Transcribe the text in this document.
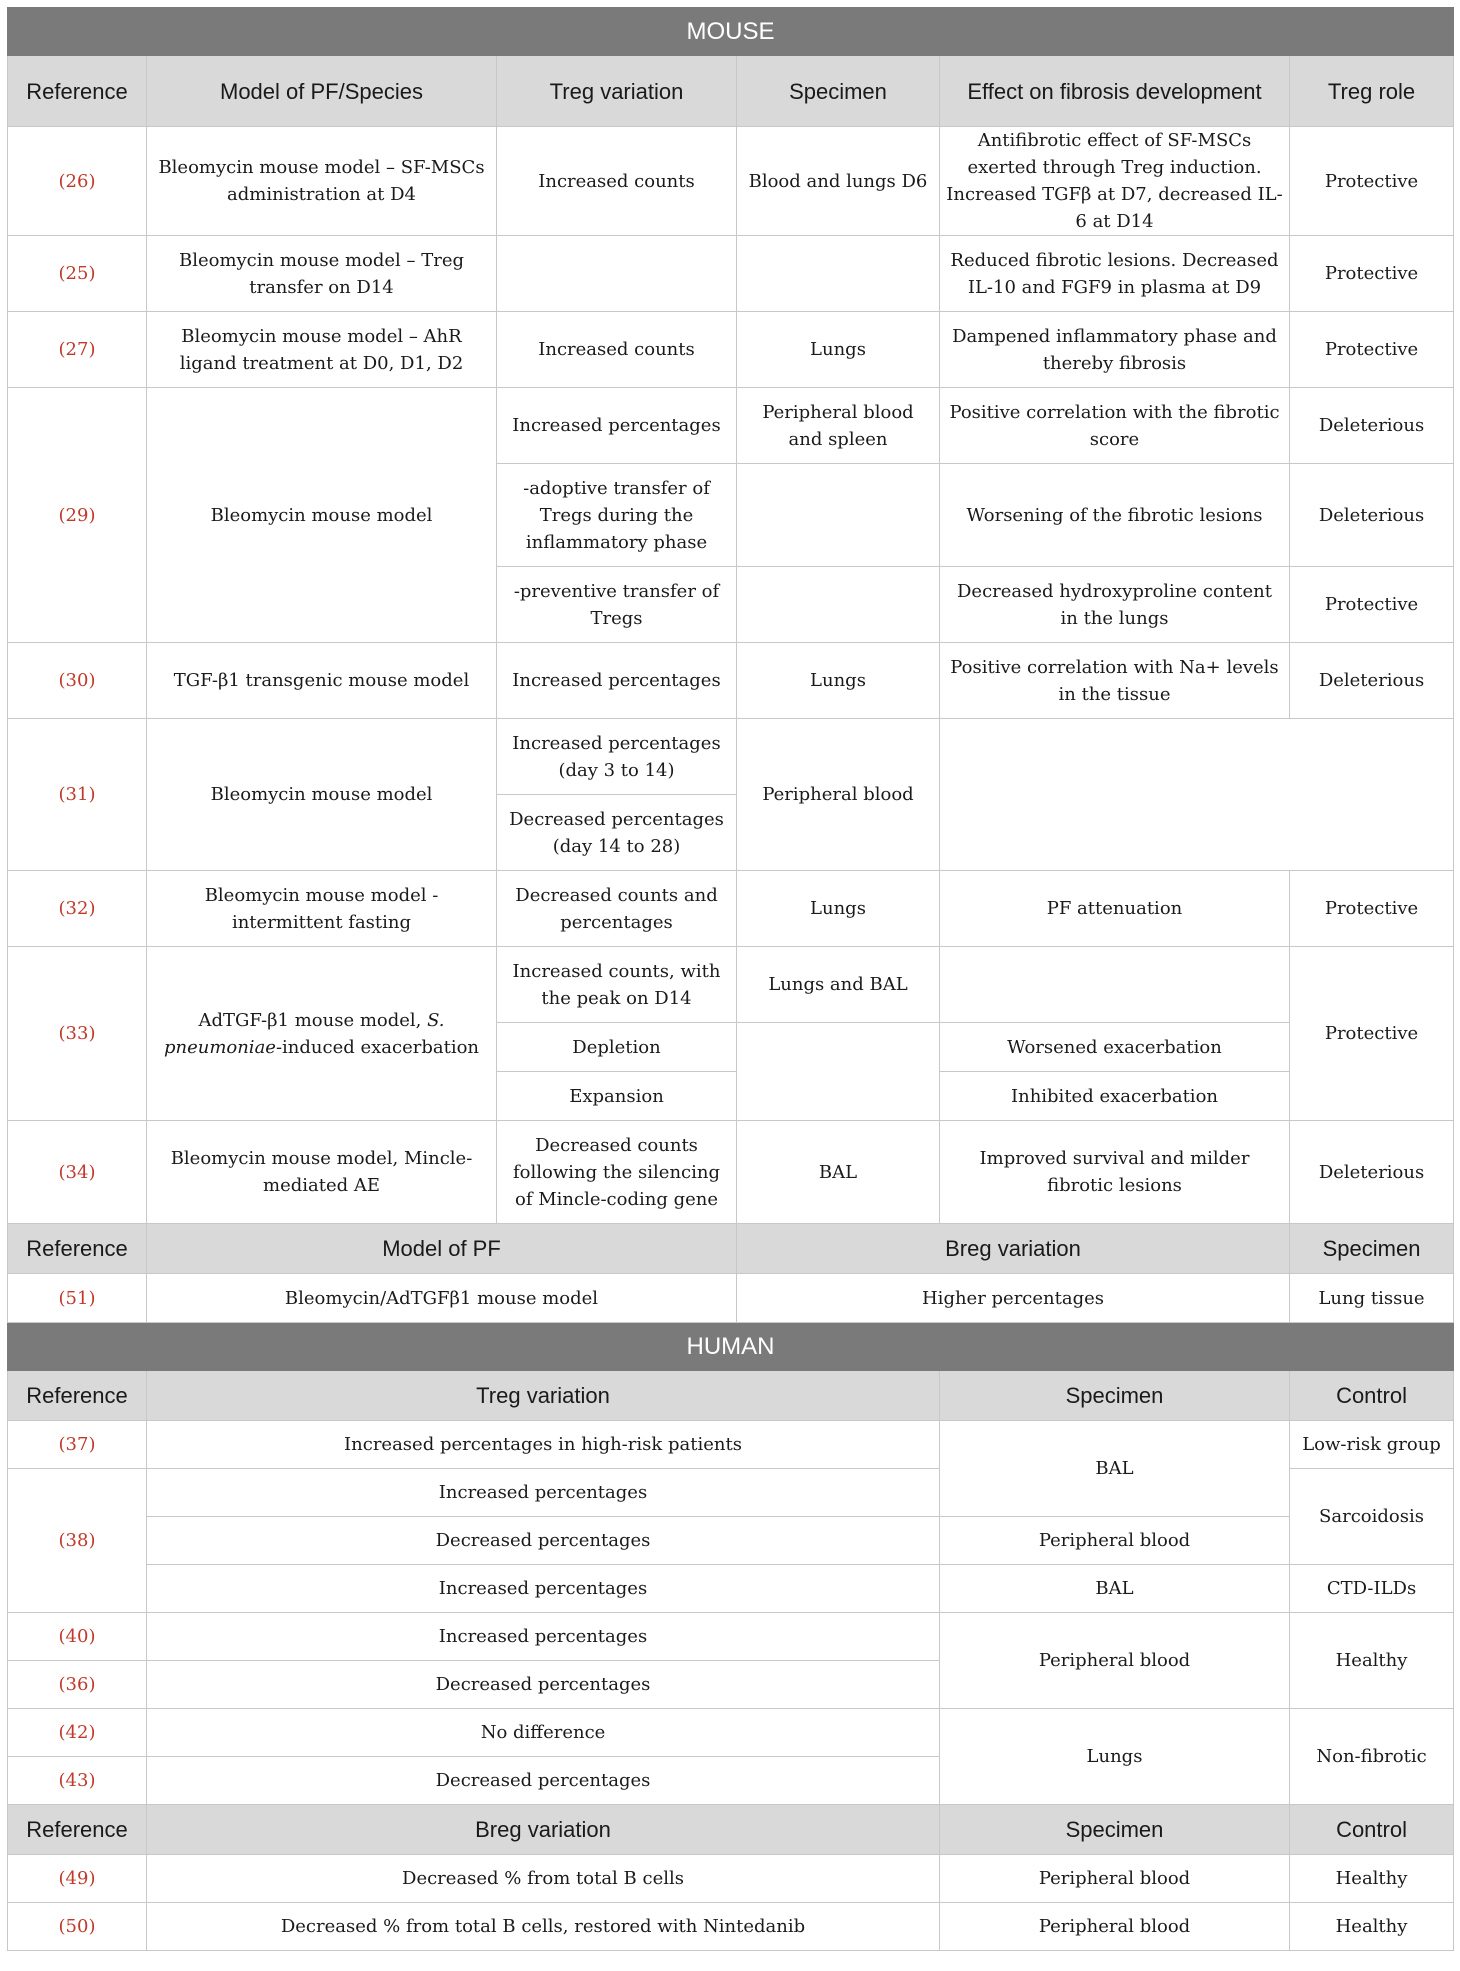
MOUSE					
Reference	Model of PF/Species	Treg variation	Specimen	Effect on fibrosis development	Treg role
(26)	Bleomycin mouse model – SF-MSCs administration at D4	Increased counts	Blood and lungs D6	Antifibrotic effect of SF-MSCs exerted through Treg induction. Increased TGFβ at D7, decreased IL-6 at D14	Protective
(25)	Bleomycin mouse model – Treg transfer on D14			Reduced fibrotic lesions. Decreased IL-10 and FGF9 in plasma at D9	Protective
(27)	Bleomycin mouse model – AhR ligand treatment at D0, D1, D2	Increased counts	Lungs	Dampened inflammatory phase and thereby fibrosis	Protective
(29)	Bleomycin mouse model	Increased percentages	Peripheral blood and spleen	Positive correlation with the fibrotic score	Deleterious
		-adoptive transfer of Tregs during the inflammatory phase		Worsening of the fibrotic lesions	Deleterious
		-preventive transfer of Tregs		Decreased hydroxyproline content in the lungs	Protective
(30)	TGF-β1 transgenic mouse model	Increased percentages	Lungs	Positive correlation with Na+ levels in the tissue	Deleterious
(31)	Bleomycin mouse model	Increased percentages (day 3 to 14)	Peripheral blood		
		Decreased percentages (day 14 to 28)			
(32)	Bleomycin mouse model - intermittent fasting	Decreased counts and percentages	Lungs	PF attenuation	Protective
(33)	AdTGF-β1 mouse model, S. pneumoniae-induced exacerbation	Increased counts, with the peak on D14	Lungs and BAL		Protective
		Depletion		Worsened exacerbation	
		Expansion		Inhibited exacerbation	
(34)	Bleomycin mouse model, Mincle-mediated AE	Decreased counts following the silencing of Mincle-coding gene	BAL	Improved survival and milder fibrotic lesions	Deleterious
Reference	Model of PF		Breg variation		Specimen
(51)	Bleomycin/AdTGFβ1 mouse model		Higher percentages		Lung tissue
HUMAN					
Reference	Treg variation			Specimen	Control
(37)	Increased percentages in high-risk patients			BAL	Low-risk group
(38)	Increased percentages				Sarcoidosis
	Decreased percentages			Peripheral blood	
	Increased percentages			BAL	CTD-ILDs
(40)	Increased percentages			Peripheral blood	Healthy
(36)	Decreased percentages				
(42)	No difference			Lungs	Non-fibrotic
(43)	Decreased percentages				
Reference	Breg variation			Specimen	Control
(49)	Decreased % from total B cells			Peripheral blood	Healthy
(50)	Decreased % from total B cells, restored with Nintedanib			Peripheral blood	Healthy
